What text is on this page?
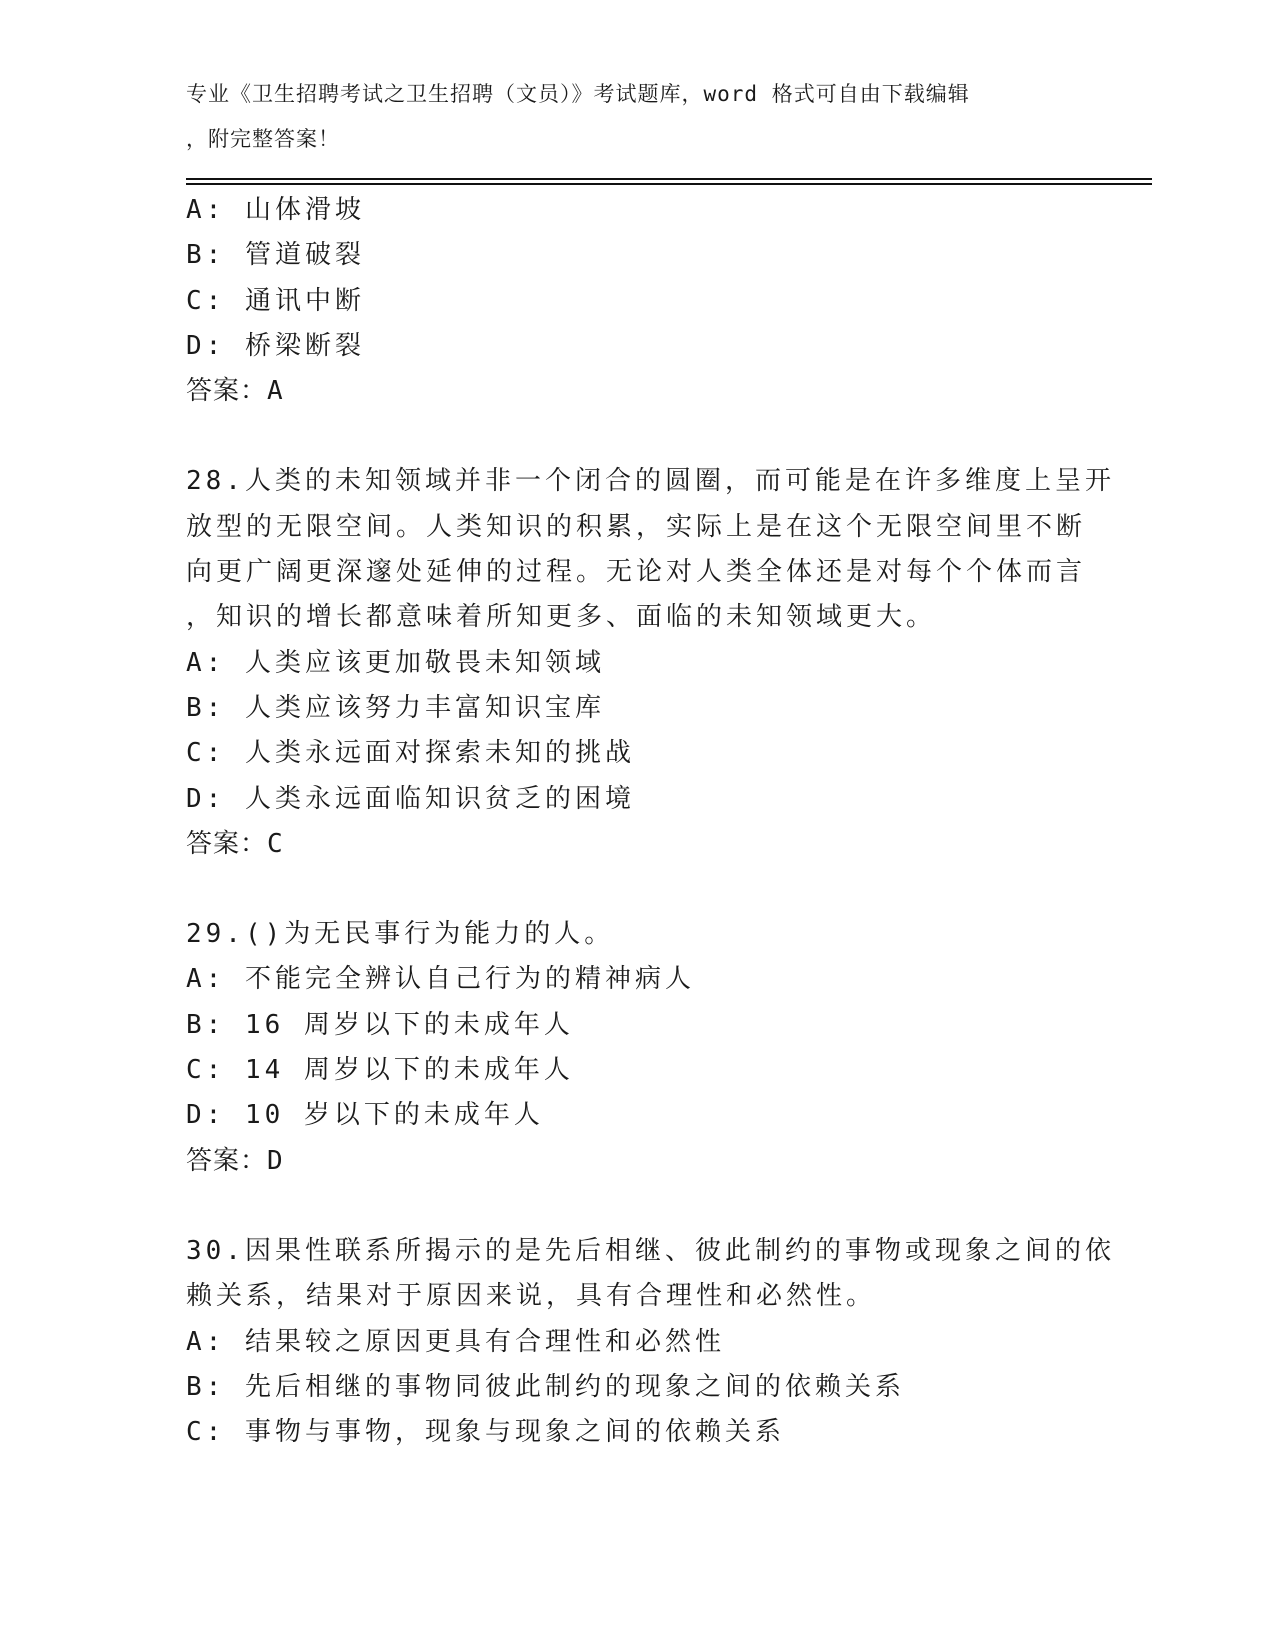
专业《卫生招聘考试之卫生招聘（文员）》考试题库，word 格式可自由下载编辑
，附完整答案！
A: 山体滑坡
B: 管道破裂
C: 通讯中断
D: 桥梁断裂
答案：A
28.人类的未知领域并非一个闭合的圆圈，而可能是在许多维度上呈开
放型的无限空间。人类知识的积累，实际上是在这个无限空间里不断
向更广阔更深邃处延伸的过程。无论对人类全体还是对每个个体而言
，知识的增长都意味着所知更多、面临的未知领域更大。
A: 人类应该更加敬畏未知领域
B: 人类应该努力丰富知识宝库
C: 人类永远面对探索未知的挑战
D: 人类永远面临知识贫乏的困境
答案：C
29.()为无民事行为能力的人。
A: 不能完全辨认自己行为的精神病人
B: 16 周岁以下的未成年人
C: 14 周岁以下的未成年人
D: 10 岁以下的未成年人
答案：D
30.因果性联系所揭示的是先后相继、彼此制约的事物或现象之间的依
赖关系，结果对于原因来说，具有合理性和必然性。
A: 结果较之原因更具有合理性和必然性
B: 先后相继的事物同彼此制约的现象之间的依赖关系
C: 事物与事物，现象与现象之间的依赖关系
